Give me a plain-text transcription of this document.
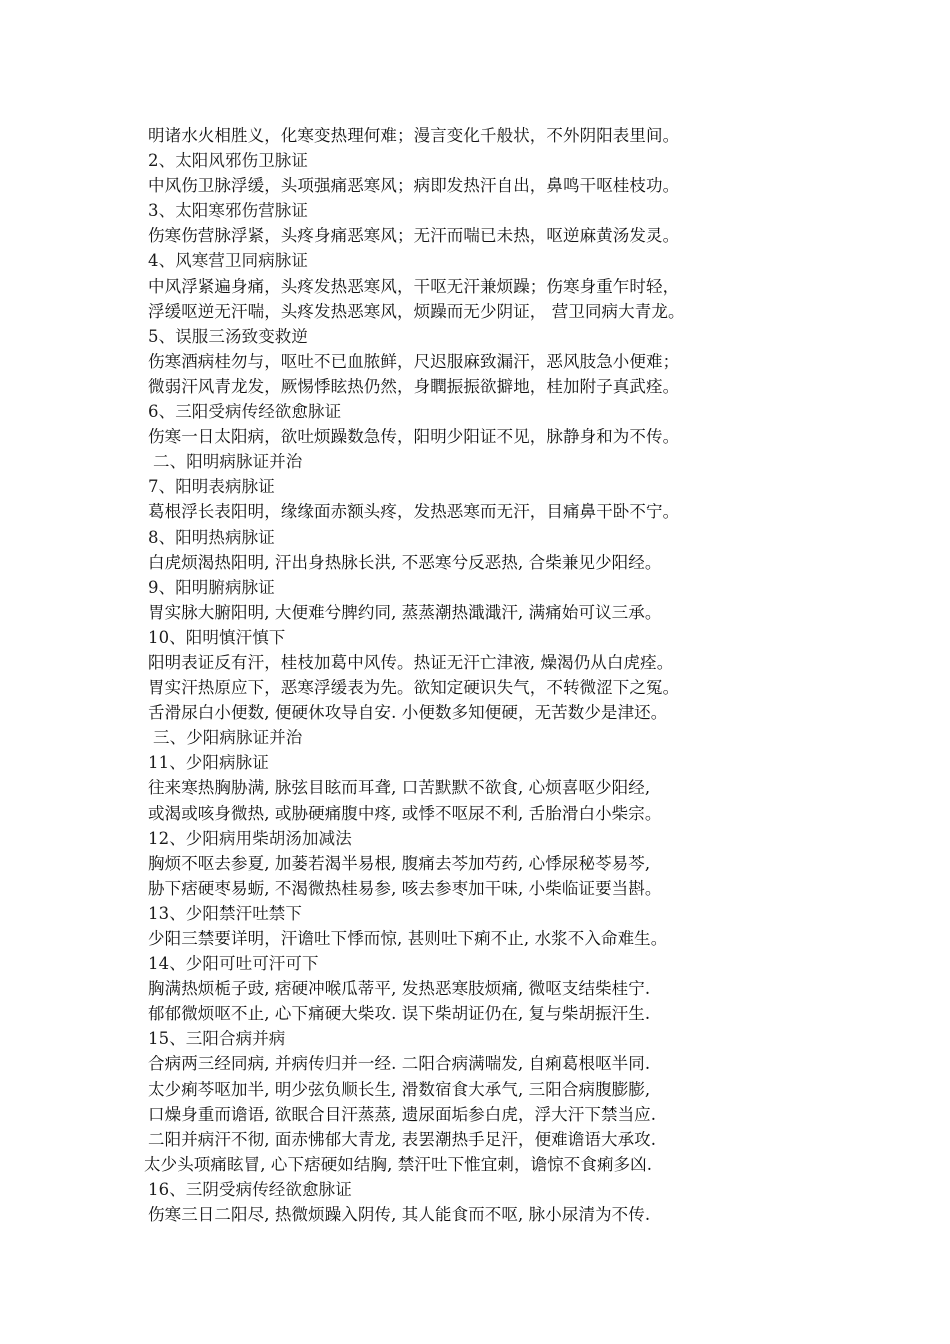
明诸水火相胜义，化寒变热理何难；漫言变化千般状，不外阴阳表里间。
2、太阳风邪伤卫脉证
中风伤卫脉浮缓，头项强痛恶寒风；病即发热汗自出，鼻鸣干呕桂枝功。
3、太阳寒邪伤营脉证
伤寒伤营脉浮紧，头疼身痛恶寒风；无汗而喘已未热，呕逆麻黄汤发灵。
4、风寒营卫同病脉证
中风浮紧遍身痛，头疼发热恶寒风，干呕无汗兼烦躁；伤寒身重乍时轻，
浮缓呕逆无汗喘，头疼发热恶寒风，烦躁而无少阴证， 营卫同病大青龙。
5、误服三汤致变救逆
伤寒酒病桂勿与，呕吐不已血脓鲜，尺迟服麻致漏汗，恶风肢急小便难；
微弱汗风青龙发，厥惕悸眩热仍然，身瞤振振欲擗地，桂加附子真武痊。
6、三阳受病传经欲愈脉证
伤寒一日太阳病，欲吐烦躁数急传，阳明少阳证不见，脉静身和为不传。
二、阳明病脉证并治
7、阳明表病脉证
葛根浮长表阳明，缘缘面赤额头疼，发热恶寒而无汗，目痛鼻干卧不宁。
8、阳明热病脉证
白虎烦渴热阳明, 汗出身热脉长洪, 不恶寒兮反恶热, 合柴兼见少阳经。
9、阳明腑病脉证
胃实脉大腑阳明, 大便难兮脾约同, 蒸蒸潮热濈濈汗, 满痛始可议三承。
10、阳明慎汗慎下
阳明表证反有汗，桂枝加葛中风传。热证无汗亡津液, 燥渴仍从白虎痊。
胃实汗热原应下，恶寒浮缓表为先。欲知定硬识失气，不转微涩下之冤。
舌滑尿白小便数, 便硬休攻导自安. 小便数多知便硬，无苦数少是津还。
三、少阳病脉证并治
11、少阳病脉证
往来寒热胸胁满, 脉弦目眩而耳聋, 口苦默默不欲食, 心烦喜呕少阳经,
或渴或咳身微热, 或胁硬痛腹中疼, 或悸不呕尿不利, 舌胎滑白小柴宗。
12、少阳病用柴胡汤加减法
胸烦不呕去参夏, 加蒌若渴半易根, 腹痛去芩加芍药, 心悸尿秘苓易芩,
胁下痞硬枣易蛎, 不渴微热桂易参, 咳去参枣加干味, 小柴临证要当斟。
13、少阳禁汗吐禁下
少阳三禁要详明，汗谵吐下悸而惊, 甚则吐下痢不止, 水浆不入命难生。
14、少阳可吐可汗可下
胸满热烦栀子豉, 痞硬冲喉瓜蒂平, 发热恶寒肢烦痛, 微呕支结柴桂宁.
郁郁微烦呕不止, 心下痛硬大柴攻. 误下柴胡证仍在, 复与柴胡振汗生.
15、三阳合病并病
合病两三经同病, 并病传归并一经. 二阳合病满喘发, 自痢葛根呕半同.
太少痢芩呕加半, 明少弦负顺长生, 滑数宿食大承气, 三阳合病腹膨膨,
口燥身重而谵语, 欲眠合目汗蒸蒸, 遗尿面垢参白虎，浮大汗下禁当应.
二阳并病汗不彻, 面赤怫郁大青龙, 表罢潮热手足汗，便难谵语大承攻.
太少头项痛眩冒, 心下痞硬如结胸, 禁汗吐下惟宜刺，谵惊不食痢多凶.
16、三阴受病传经欲愈脉证
伤寒三日二阳尽, 热微烦躁入阴传, 其人能食而不呕, 脉小尿清为不传.
